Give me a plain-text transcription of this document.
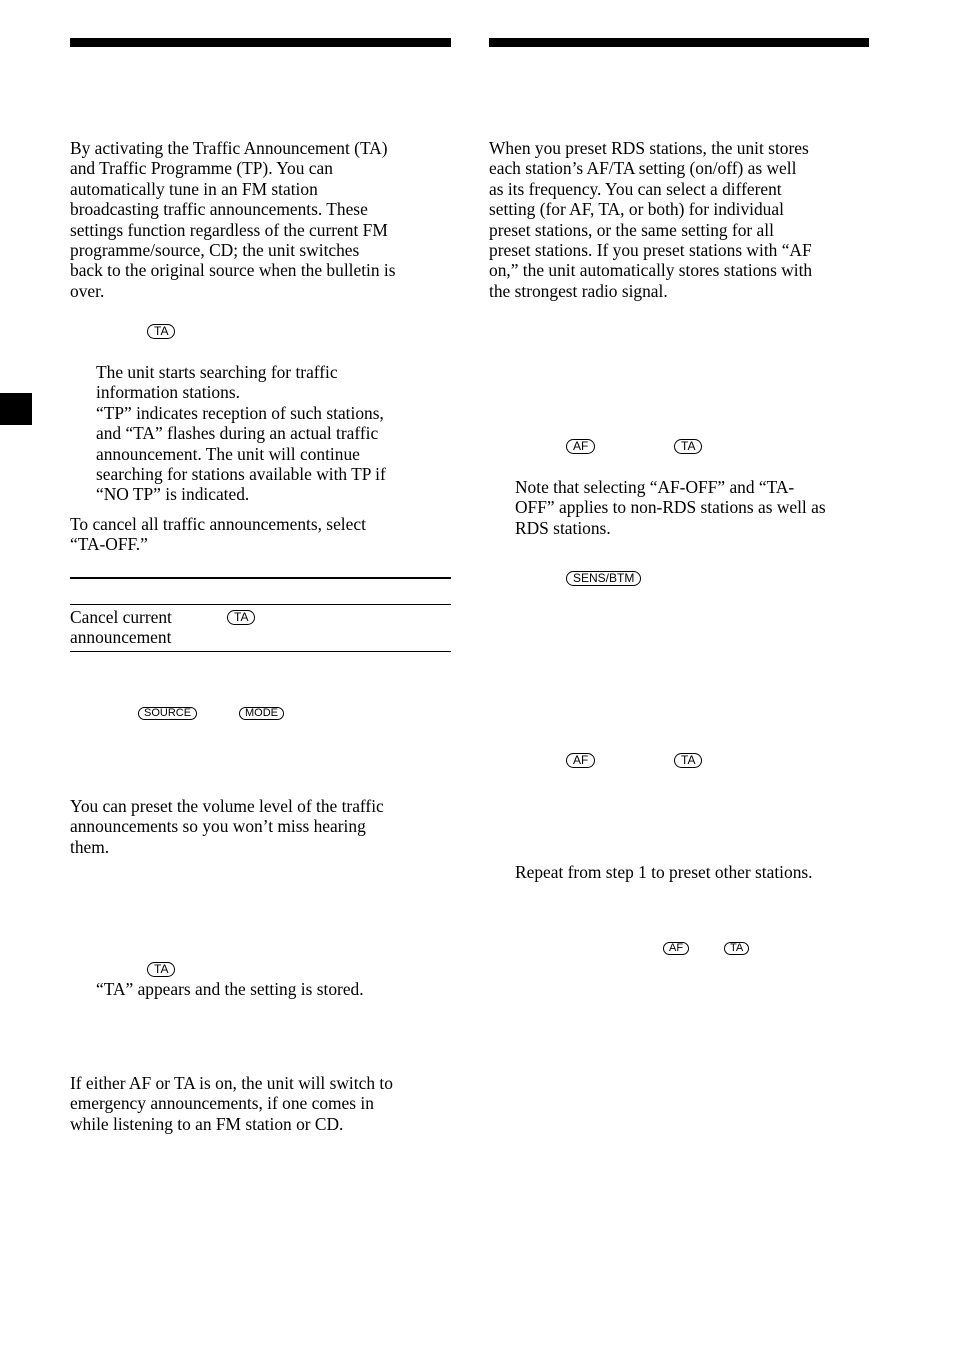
By activating the Traffic Announcement (TA)
and Traffic Programme (TP). You can
automatically tune in an FM station
broadcasting traffic announcements. These
settings function regardless of the current FM
programme/source, CD; the unit switches
back to the original source when the bulletin is
over.

TA

The unit starts searching for traffic
information stations.
“TP” indicates reception of such stations,
and “TA” flashes during an actual traffic
announcement. The unit will continue
searching for stations available with TP if
“NO TP” is indicated.

To cancel all traffic announcements, select
“TA-OFF.”

Cancel current
announcement

TA
SOURCE	MODE

You can preset the volume level of the traffic
announcements so you won’t miss hearing
them.

TA

“TA” appears and the setting is stored.

If either AF or TA is on, the unit will switch to
emergency announcements, if one comes in
while listening to an FM station or CD.

When you preset RDS stations, the unit stores
each station’s AF/TA setting (on/off) as well
as its frequency. You can select a different
setting (for AF, TA, or both) for individual
preset stations, or the same setting for all
preset stations. If you preset stations with “AF
on,” the unit automatically stores stations with
the strongest radio signal.

AF	TA

Note that selecting “AF-OFF” and “TA-
OFF” applies to non-RDS stations as well as
RDS stations.

SENS/BTM
AF	TA

Repeat from step 1 to preset other stations.

AF	TA
